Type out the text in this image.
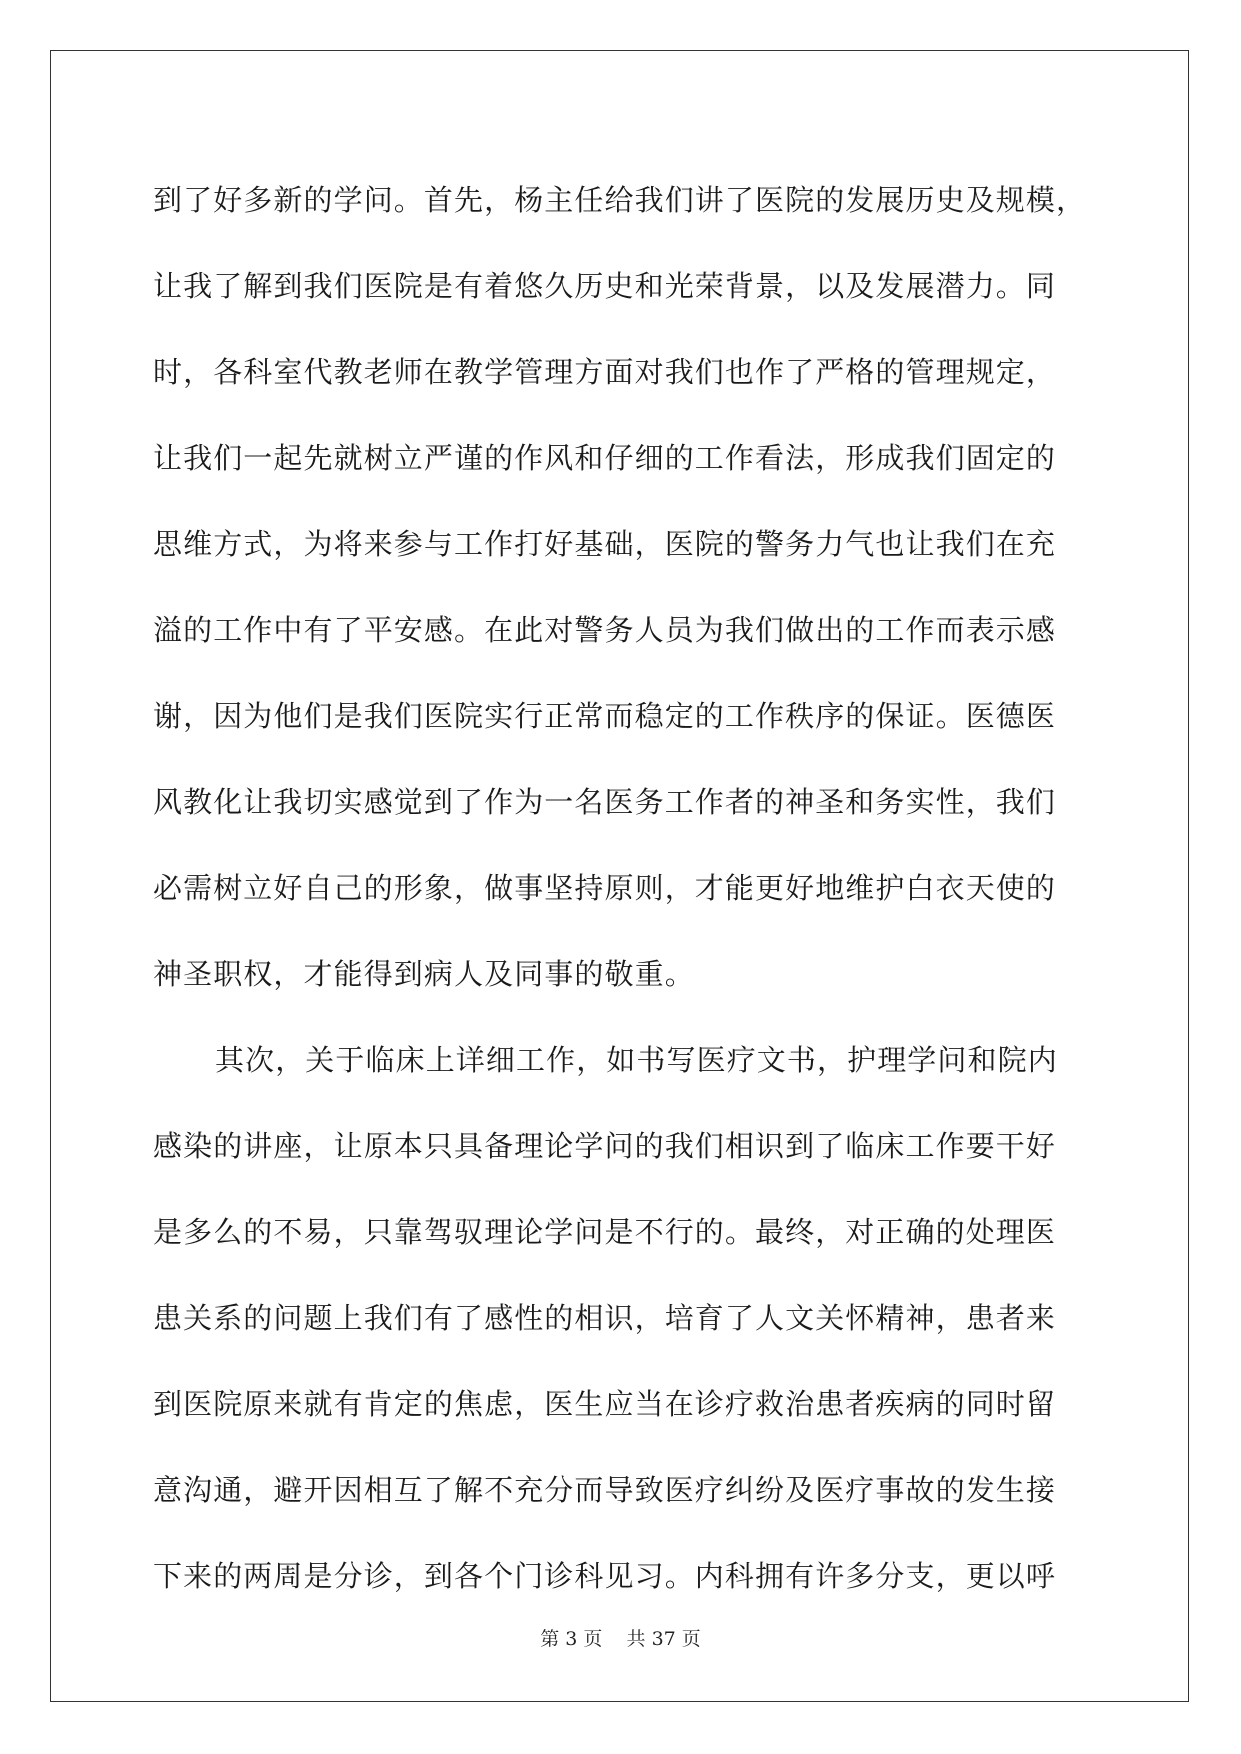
到了好多新的学问。首先，杨主任给我们讲了医院的发展历史及规模，
让我了解到我们医院是有着悠久历史和光荣背景，以及发展潜力。同
时，各科室代教老师在教学管理方面对我们也作了严格的管理规定，
让我们一起先就树立严谨的作风和仔细的工作看法，形成我们固定的
思维方式，为将来参与工作打好基础，医院的警务力气也让我们在充
溢的工作中有了平安感。在此对警务人员为我们做出的工作而表示感
谢，因为他们是我们医院实行正常而稳定的工作秩序的保证。医德医
风教化让我切实感觉到了作为一名医务工作者的神圣和务实性，我们
必需树立好自己的形象，做事坚持原则，才能更好地维护白衣天使的
神圣职权，才能得到病人及同事的敬重。
其次，关于临床上详细工作，如书写医疗文书，护理学问和院内
感染的讲座，让原本只具备理论学问的我们相识到了临床工作要干好
是多么的不易，只靠驾驭理论学问是不行的。最终，对正确的处理医
患关系的问题上我们有了感性的相识，培育了人文关怀精神，患者来
到医院原来就有肯定的焦虑，医生应当在诊疗救治患者疾病的同时留
意沟通，避开因相互了解不充分而导致医疗纠纷及医疗事故的发生接
下来的两周是分诊，到各个门诊科见习。内科拥有许多分支，更以呼
第 3 页 共 37 页
